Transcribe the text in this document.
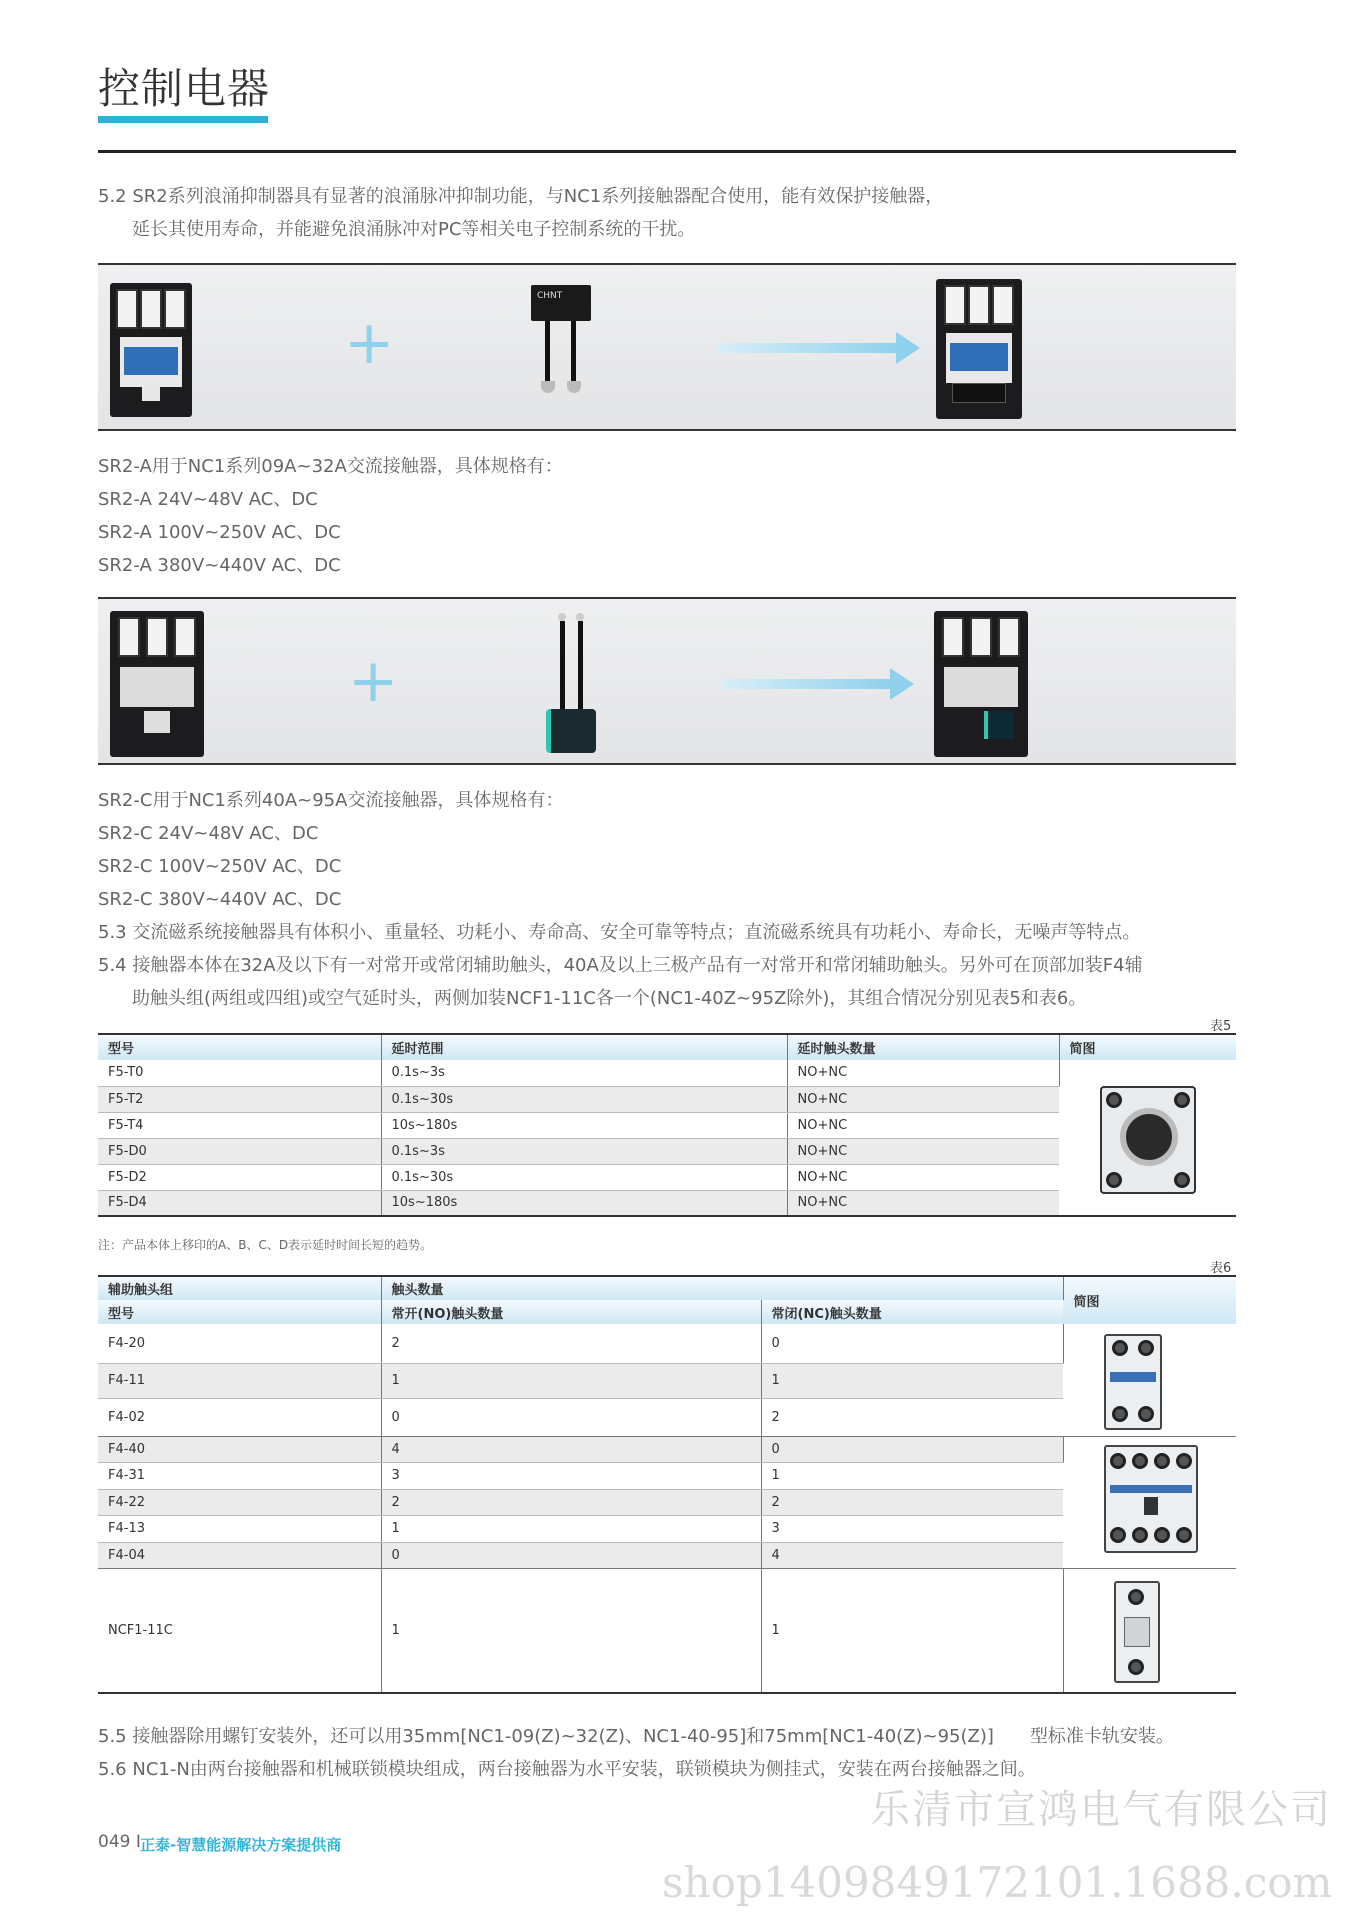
控制电器
5.2 SR2系列浪涌抑制器具有显著的浪涌脉冲抑制功能，与NC1系列接触器配合使用，能有效保护接触器，
延长其使用寿命，并能避免浪涌脉冲对PC等相关电子控制系统的干扰。
+
CHNT
SR2-A用于NC1系列09A~32A交流接触器，具体规格有：
SR2-A 24V~48V AC、DC
SR2-A 100V~250V AC、DC
SR2-A 380V~440V AC、DC
+
SR2-C用于NC1系列40A~95A交流接触器，具体规格有：
SR2-C 24V~48V AC、DC
SR2-C 100V~250V AC、DC
SR2-C 380V~440V AC、DC
5.3 交流磁系统接触器具有体积小、重量轻、功耗小、寿命高、安全可靠等特点；直流磁系统具有功耗小、寿命长，无噪声等特点。
5.4 接触器本体在32A及以下有一对常开或常闭辅助触头，40A及以上三极产品有一对常开和常闭辅助触头。另外可在顶部加装F4辅
助触头组(两组或四组)或空气延时头，两侧加装NCF1-11C各一个(NC1-40Z~95Z除外)，其组合情况分别见表5和表6。
表5
型号	延时范围	延时触头数量	简图
F5-T0	0.1s~3s	NO+NC	

F5-T2	0.1s~30s	NO+NC	
F5-T4	10s~180s	NO+NC	
F5-D0	0.1s~3s	NO+NC	
F5-D2	0.1s~30s	NO+NC	
F5-D4	10s~180s	NO+NC	
注：产品本体上移印的A、B、C、D表示延时时间长短的趋势。
表6
辅助触头组	触头数量		简图
型号	常开(NO)触头数量	常闭(NC)触头数量	
F4-20	2	0	

F4-11	1	1	
F4-02	0	2	
F4-40	4	0	

F4-31	3	1	
F4-22	2	2	
F4-13	1	3	
F4-04	0	4	
NCF1-11C	1	1	
5.5 接触器除用螺钉安装外，还可以用35mm[NC1-09(Z)~32(Z)、NC1-40-95]和75mm[NC1-40(Z)~95(Z)]　　型标准卡轨安装。
5.6 NC1-N由两台接触器和机械联锁模块组成，两台接触器为水平安装，联锁模块为侧挂式，安装在两台接触器之间。
乐清市宣鸿电气有限公司
shop1409849172101.1688.com
049 I 正泰-智慧能源解决方案提供商
